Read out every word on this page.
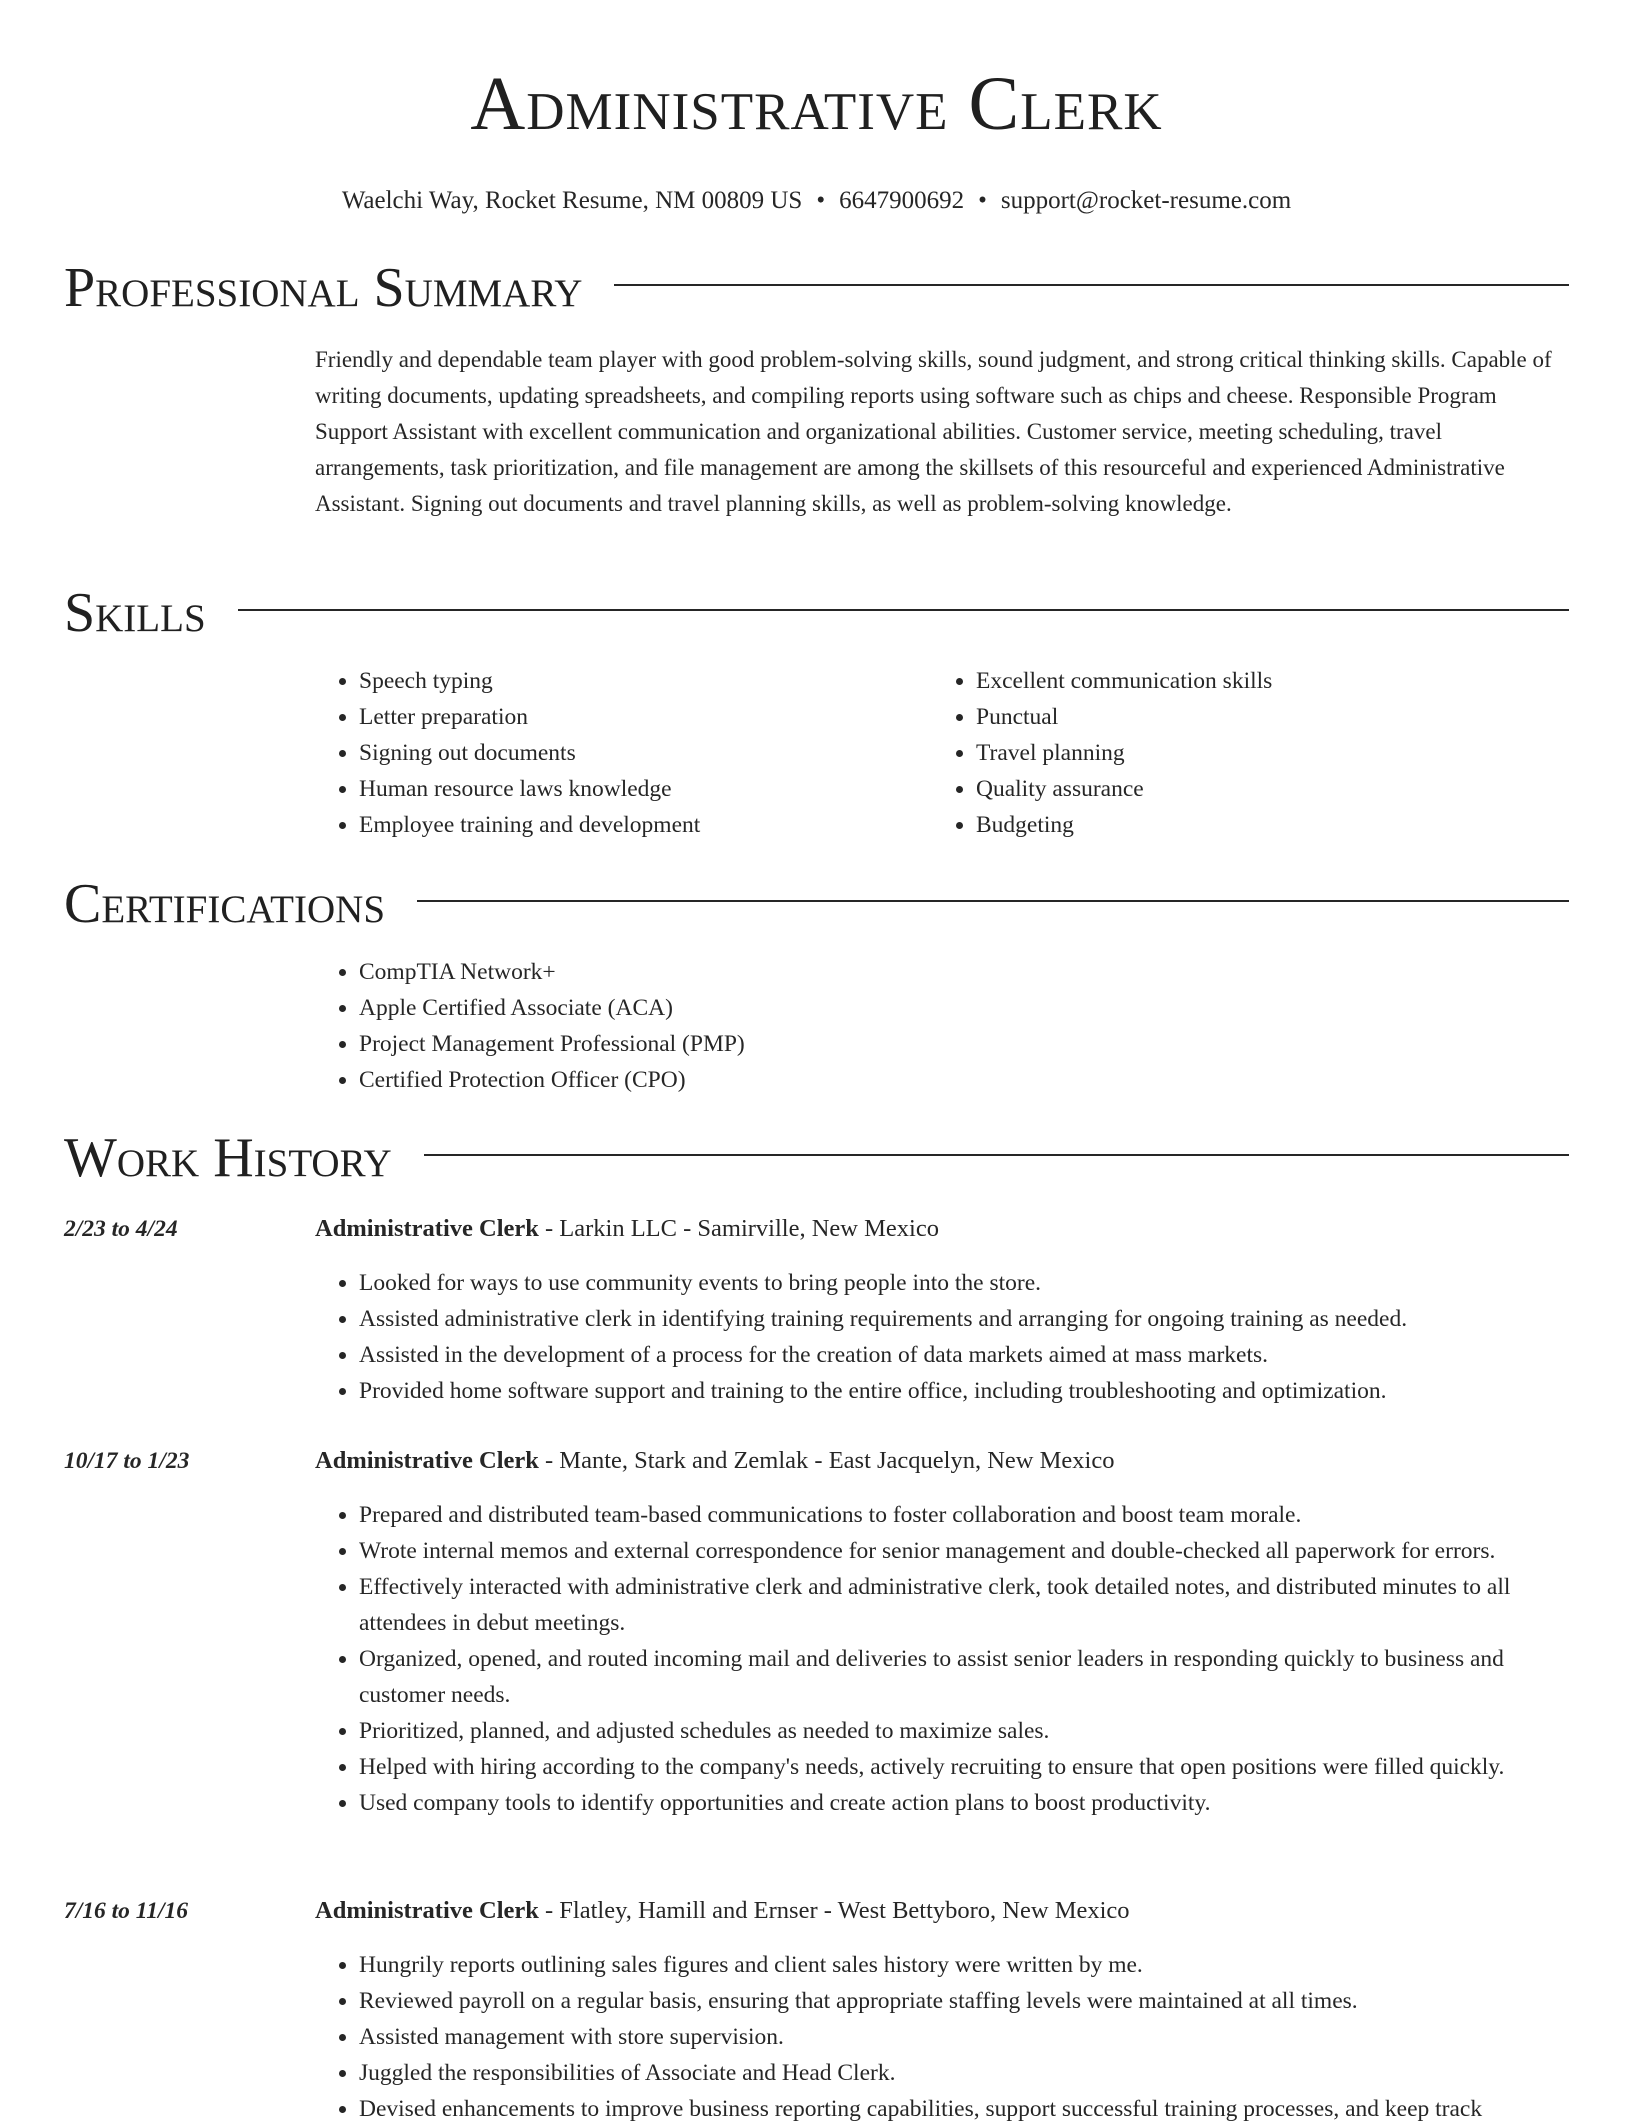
Administrative Clerk
Waelchi Way, Rocket Resume, NM 00809 US • 6647900692 • support@rocket-resume.com
Professional Summary

Friendly and dependable team player with good problem-solving skills, sound judgment, and strong critical thinking skills. Capable of writing documents, updating spreadsheets, and compiling reports using software such as chips and cheese. Responsible Program Support Assistant with excellent communication and organizational abilities. Customer service, meeting scheduling, travel arrangements, task prioritization, and file management are among the skillsets of this resourceful and experienced Administrative Assistant. Signing out documents and travel planning skills, as well as problem-solving knowledge.

Skills
• Speech typing
• Letter preparation
• Signing out documents
• Human resource laws knowledge
• Employee training and development
• Excellent communication skills
• Punctual
• Travel planning
• Quality assurance
• Budgeting
Certifications
• CompTIA Network+
• Apple Certified Associate (ACA)
• Project Management Professional (PMP)
• Certified Protection Officer (CPO)
Work History
2/23 to 4/24	Administrative Clerk - Larkin LLC - Samirville, New Mexico
• Looked for ways to use community events to bring people into the store.
• Assisted administrative clerk in identifying training requirements and arranging for ongoing training as needed.
• Assisted in the development of a process for the creation of data markets aimed at mass markets.
• Provided home software support and training to the entire office, including troubleshooting and optimization.
10/17 to 1/23	Administrative Clerk - Mante, Stark and Zemlak - East Jacquelyn, New Mexico
• Prepared and distributed team-based communications to foster collaboration and boost team morale.
• Wrote internal memos and external correspondence for senior management and double-checked all paperwork for errors.
• Effectively interacted with administrative clerk and administrative clerk, took detailed notes, and distributed minutes to all attendees in debut meetings.
• Organized, opened, and routed incoming mail and deliveries to assist senior leaders in responding quickly to business and customer needs.
• Prioritized, planned, and adjusted schedules as needed to maximize sales.
• Helped with hiring according to the company's needs, actively recruiting to ensure that open positions were filled quickly.
• Used company tools to identify opportunities and create action plans to boost productivity.
7/16 to 11/16	Administrative Clerk - Flatley, Hamill and Ernser - West Bettyboro, New Mexico
• Hungrily reports outlining sales figures and client sales history were written by me.
• Reviewed payroll on a regular basis, ensuring that appropriate staffing levels were maintained at all times.
• Assisted management with store supervision.
• Juggled the responsibilities of Associate and Head Clerk.
• Devised enhancements to improve business reporting capabilities, support successful training processes, and keep track
